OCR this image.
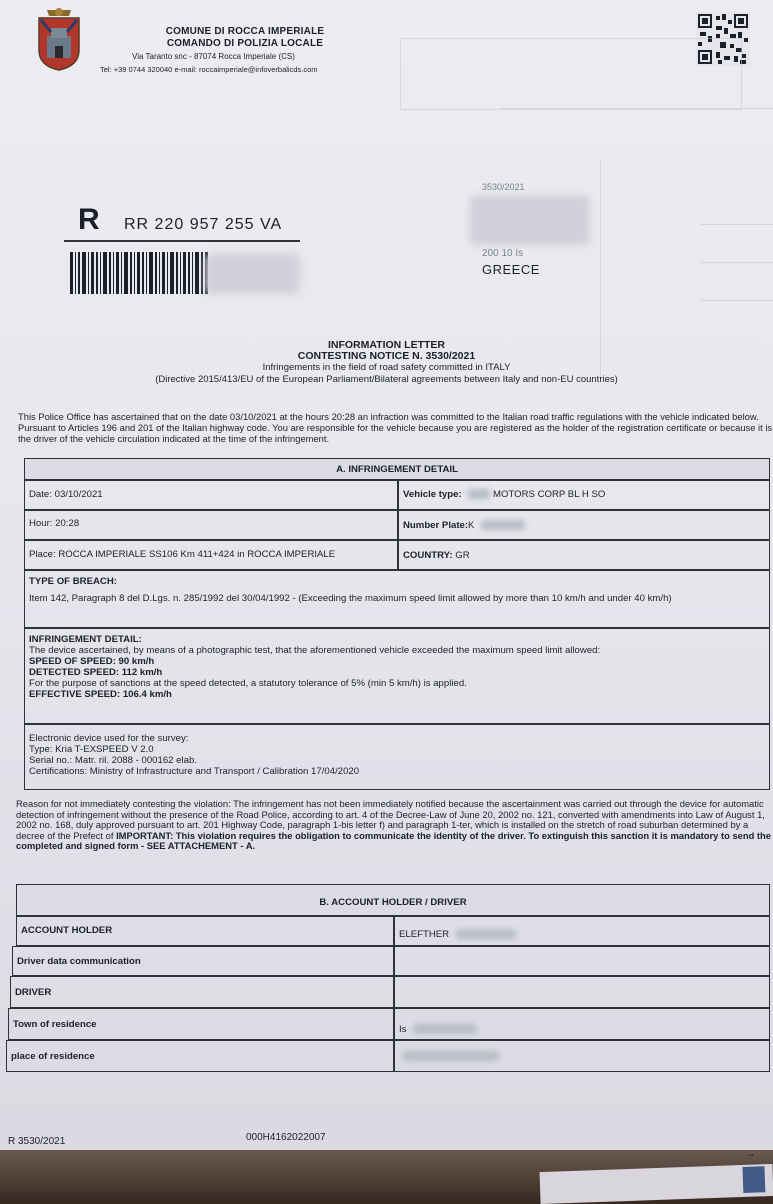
COMUNE DI ROCCA IMPERIALE
COMANDO DI POLIZIA LOCALE
Via Taranto snc - 87074 Rocca Imperiale (CS)
Tel: +39 0744 320040 e-mail: roccaimperiale@infoverbalicds.com
R RR 220 957 255 VA
3530/2021
200 10 Is
GREECE
INFORMATION LETTER
CONTESTING NOTICE N. 3530/2021
Infringements in the field of road safety committed in ITALY
(Directive 2015/413/EU of the European Parliament/Bilateral agreements between Italy and non-EU countries)
This Police Office has ascertained that on the date 03/10/2021 at the hours 20:28 an infraction was committed to the Italian road traffic regulations with the vehicle indicated below. Pursuant to Articles 196 and 201 of the Italian highway code. You are responsible for the vehicle because you are registered as the holder of the registration certificate or because it is the driver of the vehicle circulation indicated at the time of the infringement.
A. INFRINGEMENT DETAIL
Date: 03/10/2021	Vehicle type:	MOTORS CORP BL H SO
Hour: 20:28	Number Plate:K
Place: ROCCA IMPERIALE SS106 Km 411+424 in ROCCA IMPERIALE	COUNTRY: GR
TYPE OF BREACH:
Item 142, Paragraph 8 del D.Lgs. n. 285/1992 del 30/04/1992 - (Exceeding the maximum speed limit allowed by more than 10 km/h and under 40 km/h)
INFRINGEMENT DETAIL:
The device ascertained, by means of a photographic test, that the aforementioned vehicle exceeded the maximum speed limit allowed:
SPEED OF SPEED: 90 km/h
DETECTED SPEED: 112 km/h
For the purpose of sanctions at the speed detected, a statutory tolerance of 5% (min 5 km/h) is applied.
EFFECTIVE SPEED: 106.4 km/h
Electronic device used for the survey:
Type: Kria T-EXSPEED V 2.0
Serial no.: Matr. ril. 2088 - 000162 elab.
Certifications: Ministry of Infrastructure and Transport / Calibration 17/04/2020
Reason for not immediately contesting the violation: The infringement has not been immediately notified because the ascertainment was carried out through the device for automatic detection of infringement without the presence of the Road Police, according to art. 4 of the Decree-Law of June 20, 2002 no. 121, converted with amendments into Law of August 1, 2002 no. 168, duly approved pursuant to art. 201 Highway Code, paragraph 1-bis letter f) and paragraph 1-ter, which is installed on the stretch of road suburban determined by a decree of the Prefect of IMPORTANT: This violation requires the obligation to communicate the identity of the driver. To extinguish this sanction it is mandatory to send the completed and signed form - SEE ATTACHEMENT - A.
B. ACCOUNT HOLDER / DRIVER
ACCOUNT HOLDER	ELEFTHER
Driver data communication
DRIVER
Town of residence	Is
place of residence
R 3530/2021	000H4162022007
→
